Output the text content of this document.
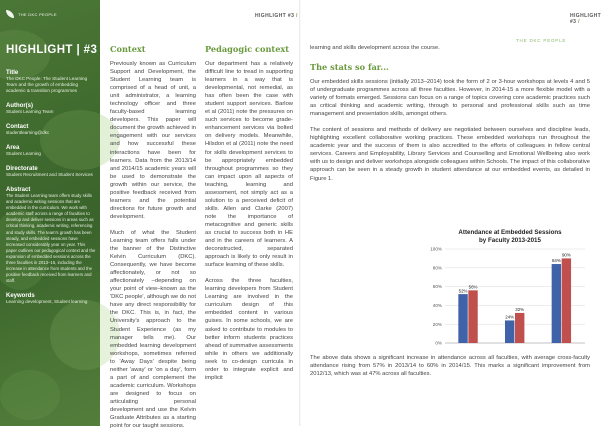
THE DKC PEOPLE
HIGHLIGHT | #3
Title
The DKC People: The Student Learning Team and the growth of embedding academic & transition programmes
Author(s)
Student Learning Team
Contact
studentlearning@dkc
Area
Student Learning
Directorate
Student Recruitment and Student Services
Abstract
The Student Learning team offers study skills and academic writing sessions that are embedded in the curriculum. We work with academic staff across a range of faculties to develop and deliver sessions in areas such as critical thinking, academic writing, referencing and study skills. The team's growth has been steady, and embedded sessions have increased considerably year on year. This paper outlines our pedagogical context and the expansion of embedded sessions across the three faculties in 2013–15, including the increase in attendance from students and the positive feedback received from learners and staff.
Keywords
Learning development, Student learning
HIGHLIGHT #3 /
Context

Previously known as Curriculum Support and Development, the Student Learning team is comprised of a head of unit, a unit administrator, a learning technology officer and three faculty-based learning developers. This paper will document the growth achieved in engagement with our services and how successful these interactions have been for learners. Data from the 2013/14 and 2014/15 academic years will be used to demonstrate the growth within our service, the positive feedback received from learners and the potential directions for future growth and development.

Much of what the Student Learning team offers falls under the banner of the Distinctive Kelvin Curriculum (DKC). Consequently, we have become affectionately, or not so affectionately –depending on your point of view–known as the 'DKC people', although we do not have any direct responsibility for the DKC. This is, in fact, the University's approach to the Student Experience (as my manager tells me). Our embedded learning development workshops, sometimes referred to 'Away Days' despite being neither 'away' or 'on a day', form a part of and complement the academic curriculum. Workshops are designed to focus on articulating personal development and use the Kelvin Graduate Attributes as a starting point for our taught sessions.

Pedagogic context

Our department has a relatively difficult line to tread in supporting learners in a way that is developmental, not remedial, as has often been the case with student support services. Barlow et al (2011) note the pressures on such services to become grade-enhancement services via bolted on delivery models. Meanwhile, Hilsdon et al (2011) note the need for skills development services to be appropriately embedded throughout programmes so they can impact upon all aspects of teaching, learning and assessment, not simply act as a solution to a perceived deficit of skills. Allen and Clarke (2007) note the importance of metacognitive and generic skills as crucial to success both in HE and in the careers of learners. A deconstructed, separated approach is likely to only result in surface learning of these skills.

Across the three faculties, learning developers from Student Learning are involved in the curriculum design of this embedded content in various guises. In some schools, we are asked to contribute to modules to better inform students practices ahead of summative assessments while in others we additionally seek to co-design curricula in order to integrate explicit and implicit

HIGHLIGHT #3 /
THE DKC PEOPLE

learning and skills development across the course.

The stats so far...

Our embedded skills sessions (initially 2013–2014) took the form of 2 or 3-hour workshops at levels 4 and 5 of undergraduate programmes across all three faculties. However, in 2014-15 a more flexible model with a variety of formats emerged. Sessions can focus on a range of topics covering core academic practices such as critical thinking and academic writing, through to personal and professional skills such as time management and presentation skills, amongst others.

The content of sessions and methods of delivery are negotiated between ourselves and discipline leads, highlighting excellent collaborative working practices. These embedded workshops run throughout the academic year and the success of them is also accredited to the efforts of colleagues in fellow central services. Careers and Employability, Library Services and Counselling and Emotional Wellbeing also work with us to design and deliver workshops alongside colleagues within Schools. The impact of this collaborative approach can be seen in a steady growth in student attendance at our embedded events, as detailed in Figure 1.

Attendance at Embedded Sessions
by Faculty 2013-2015
0%
20%
40%
60%
80%
100%
52%
56%
24%
32%
84%
90%

The above data shows a significant increase in attendance across all faculties, with average cross-faculty attendance rising from 57% in 2013/14 to 60% in 2014/15. This marks a significant improvement from 2012/13, which was at 47% across all faculties.
